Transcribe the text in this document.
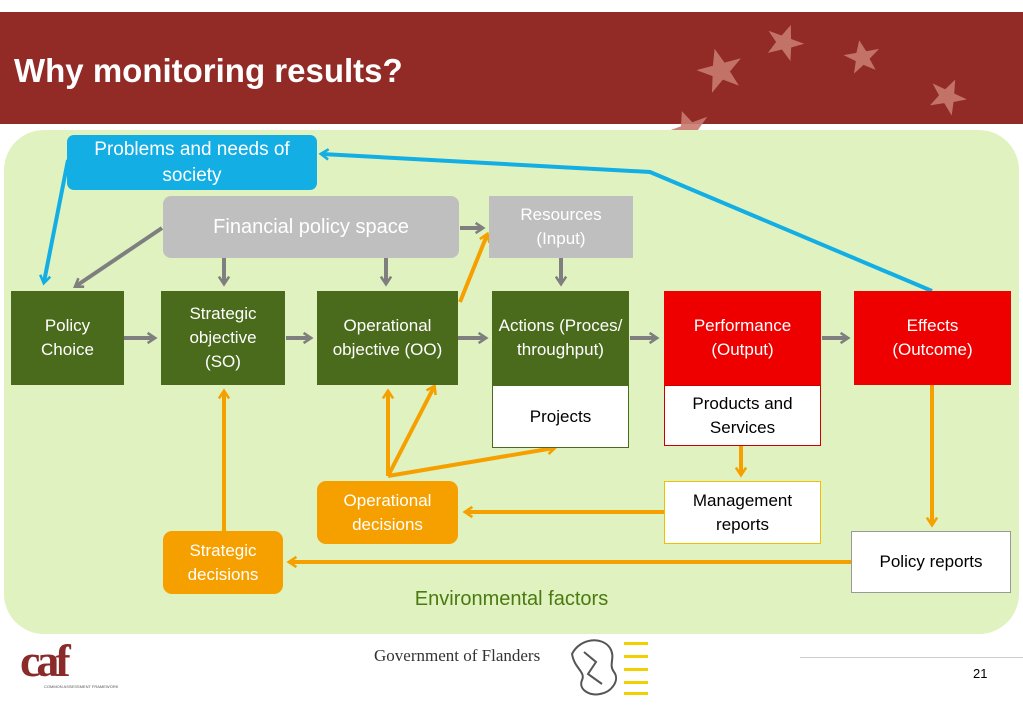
Why monitoring results?
Problems and needs of society
Financial policy space
Resources (Input)
Policy Choice
Strategic objective (SO)
Operational objective (OO)
Actions (Proces/ throughput)
Projects
Performance (Output)
Products and Services
Effects (Outcome)
Management reports
Policy reports
Operational decisions
Strategic decisions
Environmental factors
caf
COMMON ASSESSMENT FRAMEWORK
Government of Flanders
21
